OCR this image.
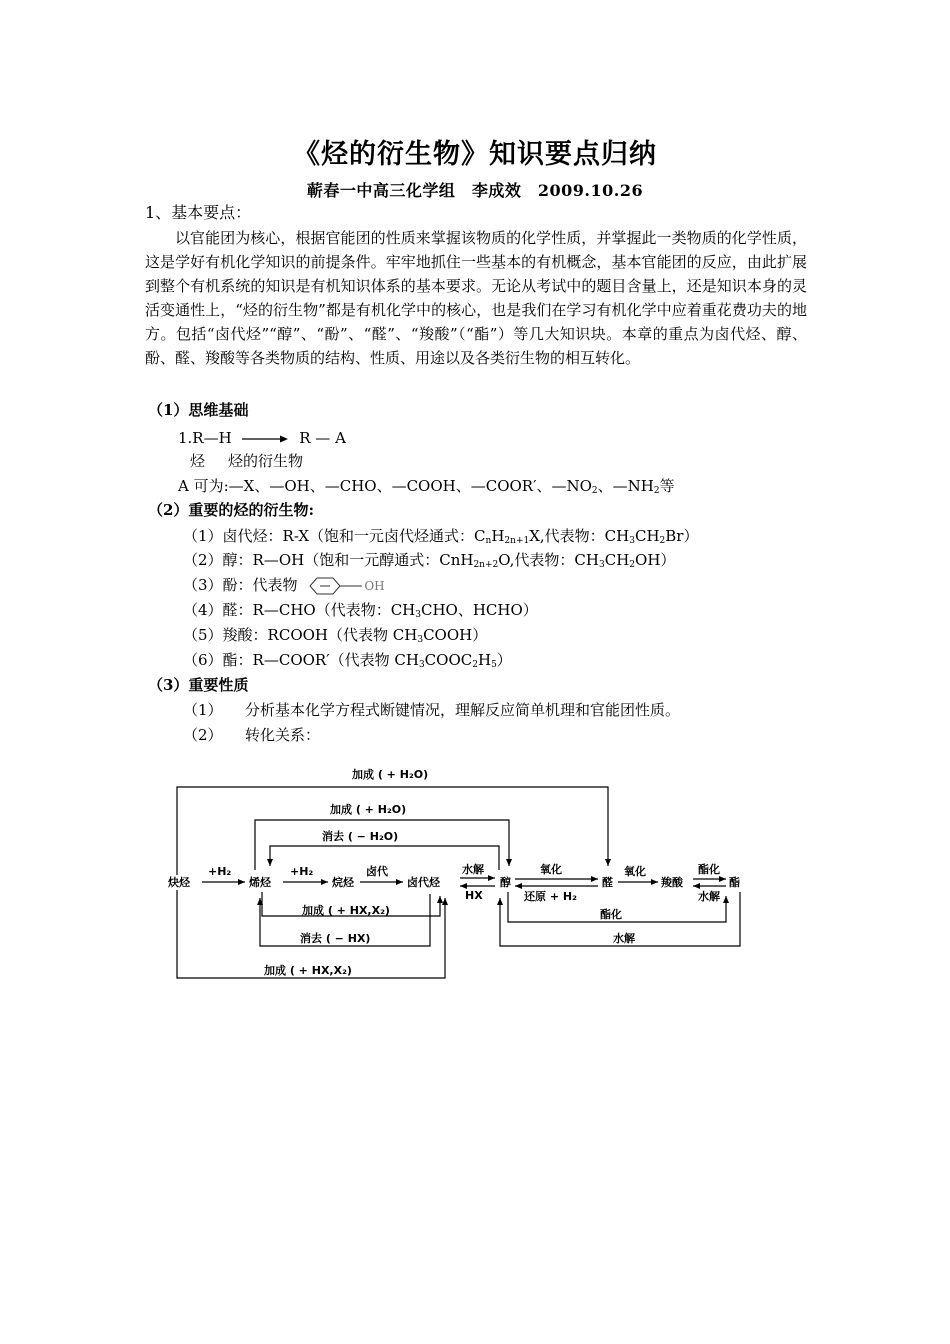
《烃的衍生物》知识要点归纳
蕲春一中高三化学组　李成效　2009.10.26
1、基本要点：
以官能团为核心，根据官能团的性质来掌握该物质的化学性质，并掌握此一类物质的化学性质，这是学好有机化学知识的前提条件。牢牢地抓住一些基本的有机概念，基本官能团的反应，由此扩展到整个有机系统的知识是有机知识体系的基本要求。无论从考试中的题目含量上，还是知识本身的灵活变通性上，“烃的衍生物”都是有机化学中的核心，也是我们在学习有机化学中应着重花费功夫的地方。包括“卤代烃”“醇”、“酚”、“醛”、“羧酸”（“酯”）等几大知识块。本章的重点为卤代烃、醇、酚、醛、羧酸等各类物质的结构、性质、用途以及各类衍生物的相互转化。
（1）思维基础
1.R—H → R — A
烃 烃的衍生物
A 可为:—X、—OH、—CHO、—COOH、—COOR′、$—NO_2$、$—NH_2$等
（2）重要的烃的衍生物:
（1）卤代烃：R-X（饱和一元卤代烃通式：$C_nH_{2n+1}X$,代表物：$CH_3CH_2Br$）
（2）醇：R—OH（饱和一元醇通式：CnH$_{2n+2}$O,代表物：$CH_3CH_2OH$）
（3）酚：代表物	OH
（4）醛：R—CHO（代表物：$CH_3CHO$、HCHO）
（5）羧酸：RCOOH（代表物 $CH_3COOH$）
（6）酯：R—COOR′（代表物 $CH_3COOC_2H_5$）
（3）重要性质
（1） 分析基本化学方程式断键情况，理解反应简单机理和官能团性质。
（2） 转化关系：
炔烃	烯烃	烷烃	卤代烃	醇	醛	羧酸	酯
加成 ( + H₂O)
加成 ( + H₂O)
消去 ( − H₂O)
+H₂	+H₂	卤代	水解
HX
氧化
还原 + H₂
氧化	酯化
水解
加成 ( + HX,X₂)
消去 ( − HX)
加成 ( + HX,X₂)
酯化
水解
